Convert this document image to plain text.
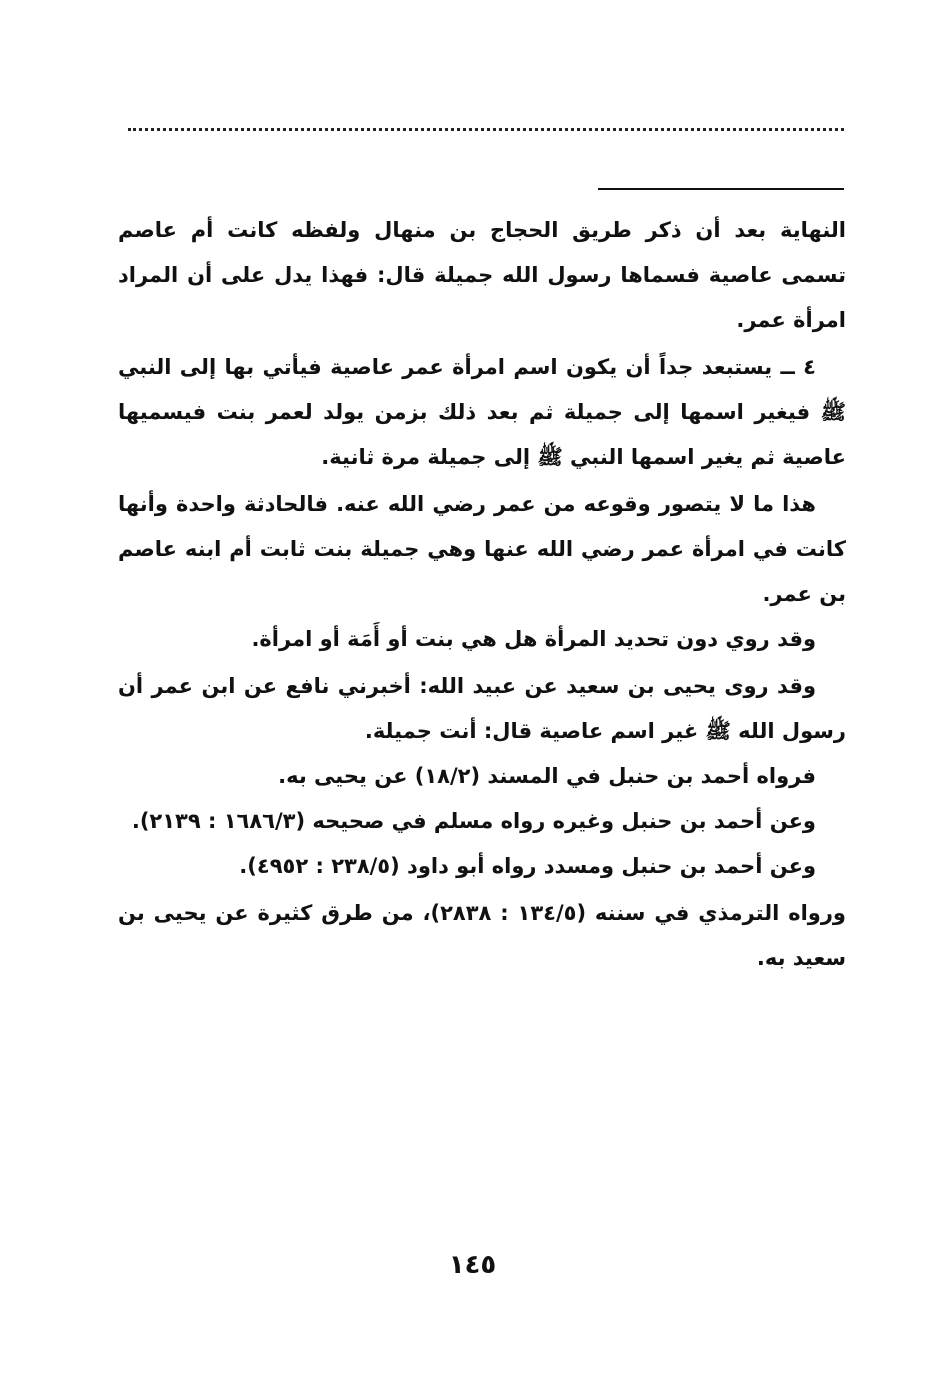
النهاية بعد أن ذكر طريق الحجاج بن منهال ولفظه كانت أم عاصم تسمى عاصية فسماها رسول الله جميلة قال: فهذا يدل على أن المراد امرأة عمر.

٤ ــ يستبعد جداً أن يكون اسم امرأة عمر عاصية فيأتي بها إلى النبي ﷺ فيغير اسمها إلى جميلة ثم بعد ذلك بزمن يولد لعمر بنت فيسميها عاصية ثم يغير اسمها النبي ﷺ إلى جميلة مرة ثانية.

هذا ما لا يتصور وقوعه من عمر رضي الله عنه. فالحادثة واحدة وأنها كانت في امرأة عمر رضي الله عنها وهي جميلة بنت ثابت أم ابنه عاصم بن عمر.

وقد روي دون تحديد المرأة هل هي بنت أو أَمَة أو امرأة.

وقد روى يحيى بن سعيد عن عبيد الله: أخبرني نافع عن ابن عمر أن رسول الله ﷺ غير اسم عاصية قال: أنت جميلة.

فرواه أحمد بن حنبل في المسند (١٨/٢) عن يحيى به.

وعن أحمد بن حنبل وغيره رواه مسلم في صحيحه (١٦٨٦/٣ : ٢١٣٩).

وعن أحمد بن حنبل ومسدد رواه أبو داود (٢٣٨/٥ : ٤٩٥٢).

ورواه الترمذي في سننه (١٣٤/٥ : ٢٨٣٨)، من طرق كثيرة عن يحيى بن سعيد به.

١٤٥
